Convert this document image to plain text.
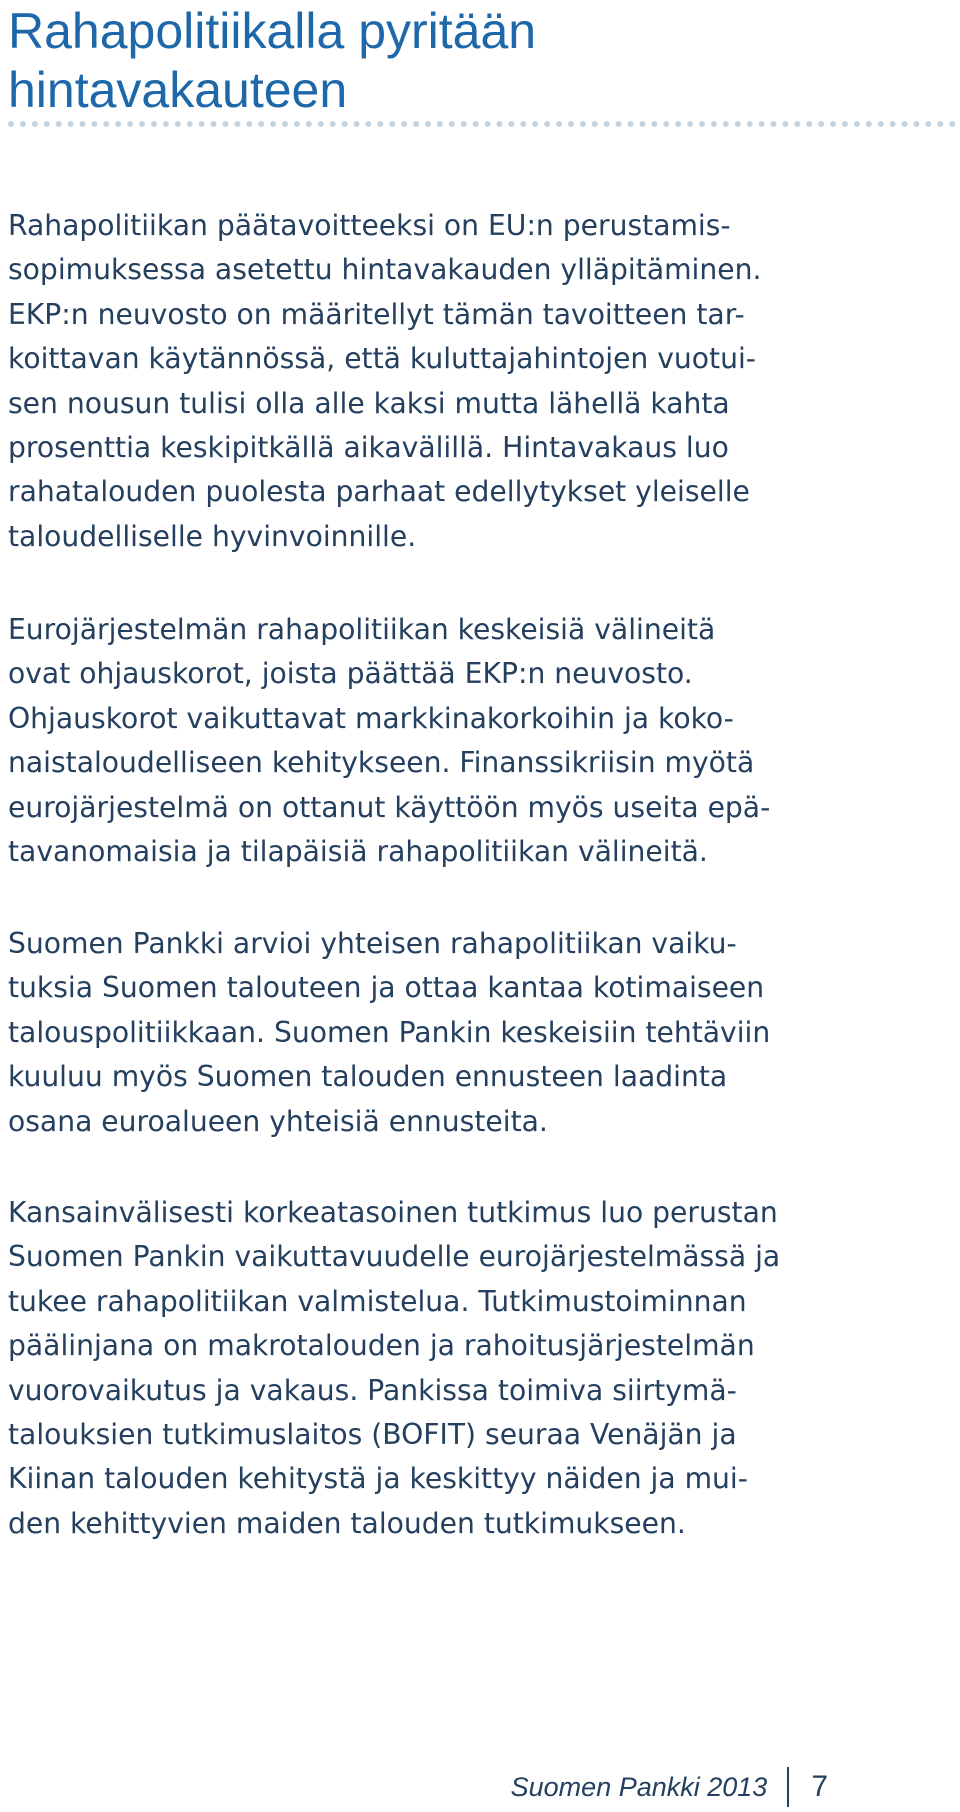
Rahapolitiikalla pyritään
hintavakauteen

Rahapolitiikan päätavoitteeksi on EU:n perustamis-
sopimuksessa asetettu hintavakauden ylläpitäminen.
EKP:n neuvosto on määritellyt tämän tavoitteen tar-
koittavan käytännössä, että kuluttajahintojen vuotui-
sen nousun tulisi olla alle kaksi mutta lähellä kahta
prosenttia keskipitkällä aikavälillä. Hintavakaus luo
rahatalouden puolesta parhaat edellytykset yleiselle
taloudelliselle hyvinvoinnille.

Eurojärjestelmän rahapolitiikan keskeisiä välineitä
ovat ohjauskorot, joista päättää EKP:n neuvosto.
Ohjauskorot vaikuttavat markkinakorkoihin ja koko-
naistaloudelliseen kehitykseen. Finanssikriisin myötä
eurojärjestelmä on ottanut käyttöön myös useita epä-
tavanomaisia ja tilapäisiä rahapolitiikan välineitä.

Suomen Pankki arvioi yhteisen rahapolitiikan vaiku-
tuksia Suomen talouteen ja ottaa kantaa kotimaiseen
talouspolitiikkaan. Suomen Pankin keskeisiin tehtäviin
kuuluu myös Suomen talouden ennusteen laadinta
osana euroalueen yhteisiä ennusteita.

Kansainvälisesti korkeatasoinen tutkimus luo perustan
Suomen Pankin vaikuttavuudelle eurojärjestelmässä ja
tukee rahapolitiikan valmistelua. Tutkimustoiminnan
päälinjana on makrotalouden ja rahoitusjärjestelmän
vuorovaikutus ja vakaus. Pankissa toimiva siirtymä-
talouksien tutkimuslaitos (BOFIT) seuraa Venäjän ja
Kiinan talouden kehitystä ja keskittyy näiden ja mui-
den kehittyvien maiden talouden tutkimukseen.

Suomen Pankki 2013 7
